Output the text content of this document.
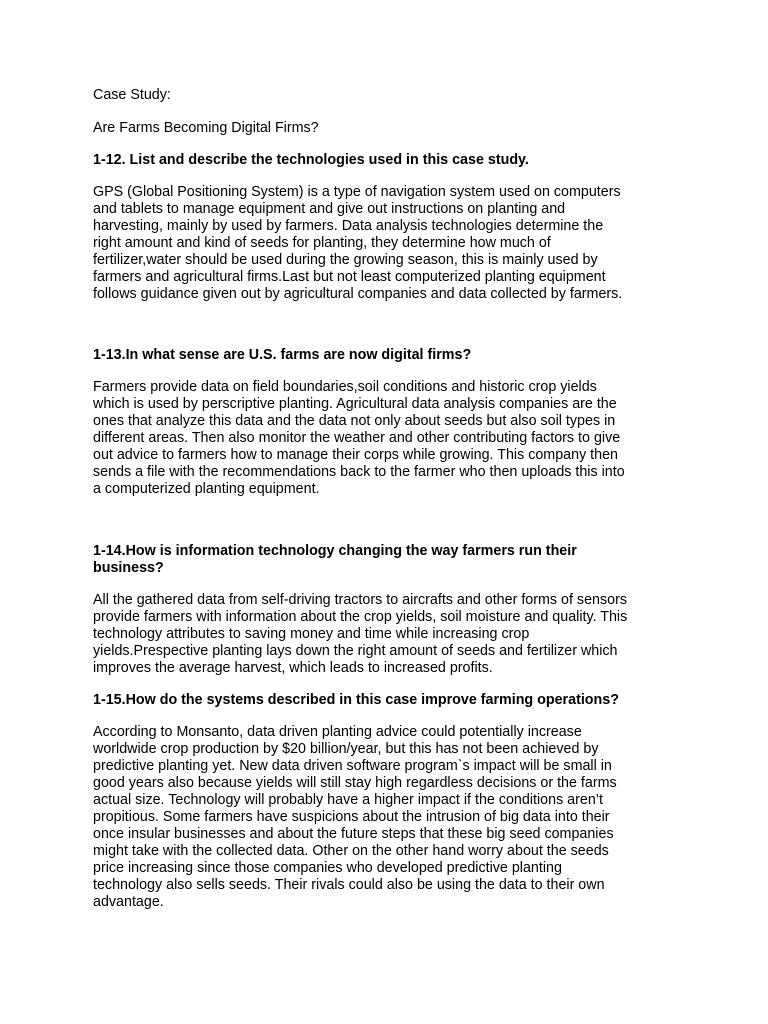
Case Study:

Are Farms Becoming Digital Firms?

1-12. List and describe the technologies used in this case study.

GPS (Global Positioning System) is a type of navigation system used on computers

and tablets to manage equipment and give out instructions on planting and

harvesting, mainly by used by farmers. Data analysis technologies determine the

right amount and kind of seeds for planting, they determine how much of

fertilizer,water should be used during the growing season, this is mainly used by

farmers and agricultural firms.Last but not least computerized planting equipment

follows guidance given out by agricultural companies and data collected by farmers.

1-13.In what sense are U.S. farms are now digital firms?

Farmers provide data on field boundaries,soil conditions and historic crop yields

which is used by perscriptive planting. Agricultural data analysis companies are the

ones that analyze this data and the data not only about seeds but also soil types in

different areas. Then also monitor the weather and other contributing factors to give

out advice to farmers how to manage their corps while growing. This company then

sends a file with the recommendations back to the farmer who then uploads this into

a computerized planting equipment.

1-14.How is information technology changing the way farmers run their

business?

All the gathered data from self-driving tractors to aircrafts and other forms of sensors

provide farmers with information about the crop yields, soil moisture and quality. This

technology attributes to saving money and time while increasing crop

yields.Prespective planting lays down the right amount of seeds and fertilizer which

improves the average harvest, which leads to increased profits.

1-15.How do the systems described in this case improve farming operations?

According to Monsanto, data driven planting advice could potentially increase

worldwide crop production by $20 billion/year, but this has not been achieved by

predictive planting yet. New data driven software program`s impact will be small in

good years also because yields will still stay high regardless decisions or the farms

actual size. Technology will probably have a higher impact if the conditions aren’t

propitious. Some farmers have suspicions about the intrusion of big data into their

once insular businesses and about the future steps that these big seed companies

might take with the collected data. Other on the other hand worry about the seeds

price increasing since those companies who developed predictive planting

technology also sells seeds. Their rivals could also be using the data to their own

advantage.
